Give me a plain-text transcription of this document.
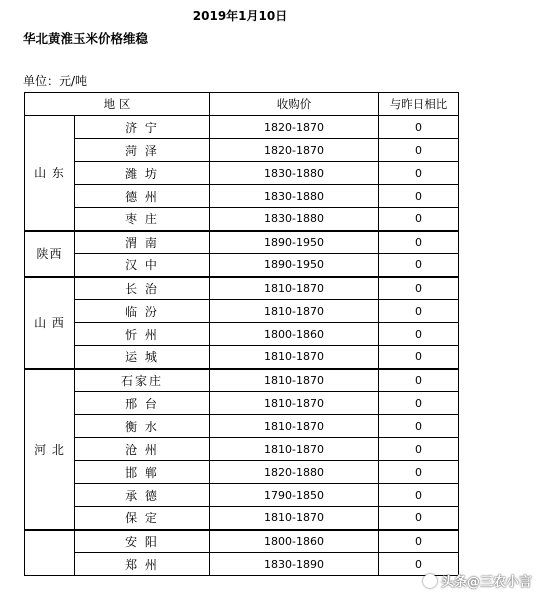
2019年1月10日
华北黄淮玉米价格维稳
单位：元/吨
地 区		收购价	与昨日相比
山 东	济 宁	1820-1870	0
	菏 泽	1820-1870	0
	潍 坊	1830-1880	0
	德 州	1830-1880	0
	枣 庄	1830-1880	0
陕西	渭 南	1890-1950	0
	汉 中	1890-1950	0
山 西	长 治	1810-1870	0
	临 汾	1810-1870	0
	忻 州	1800-1860	0
	运 城	1810-1870	0
河 北	石家庄	1810-1870	0
	邢 台	1810-1870	0
	衡 水	1810-1870	0
	沧 州	1810-1870	0
	邯 郸	1820-1880	0
	承 德	1790-1850	0
	保 定	1810-1870	0
	安 阳	1800-1860	0
	郑 州	1830-1890	0
头条@三农小言
